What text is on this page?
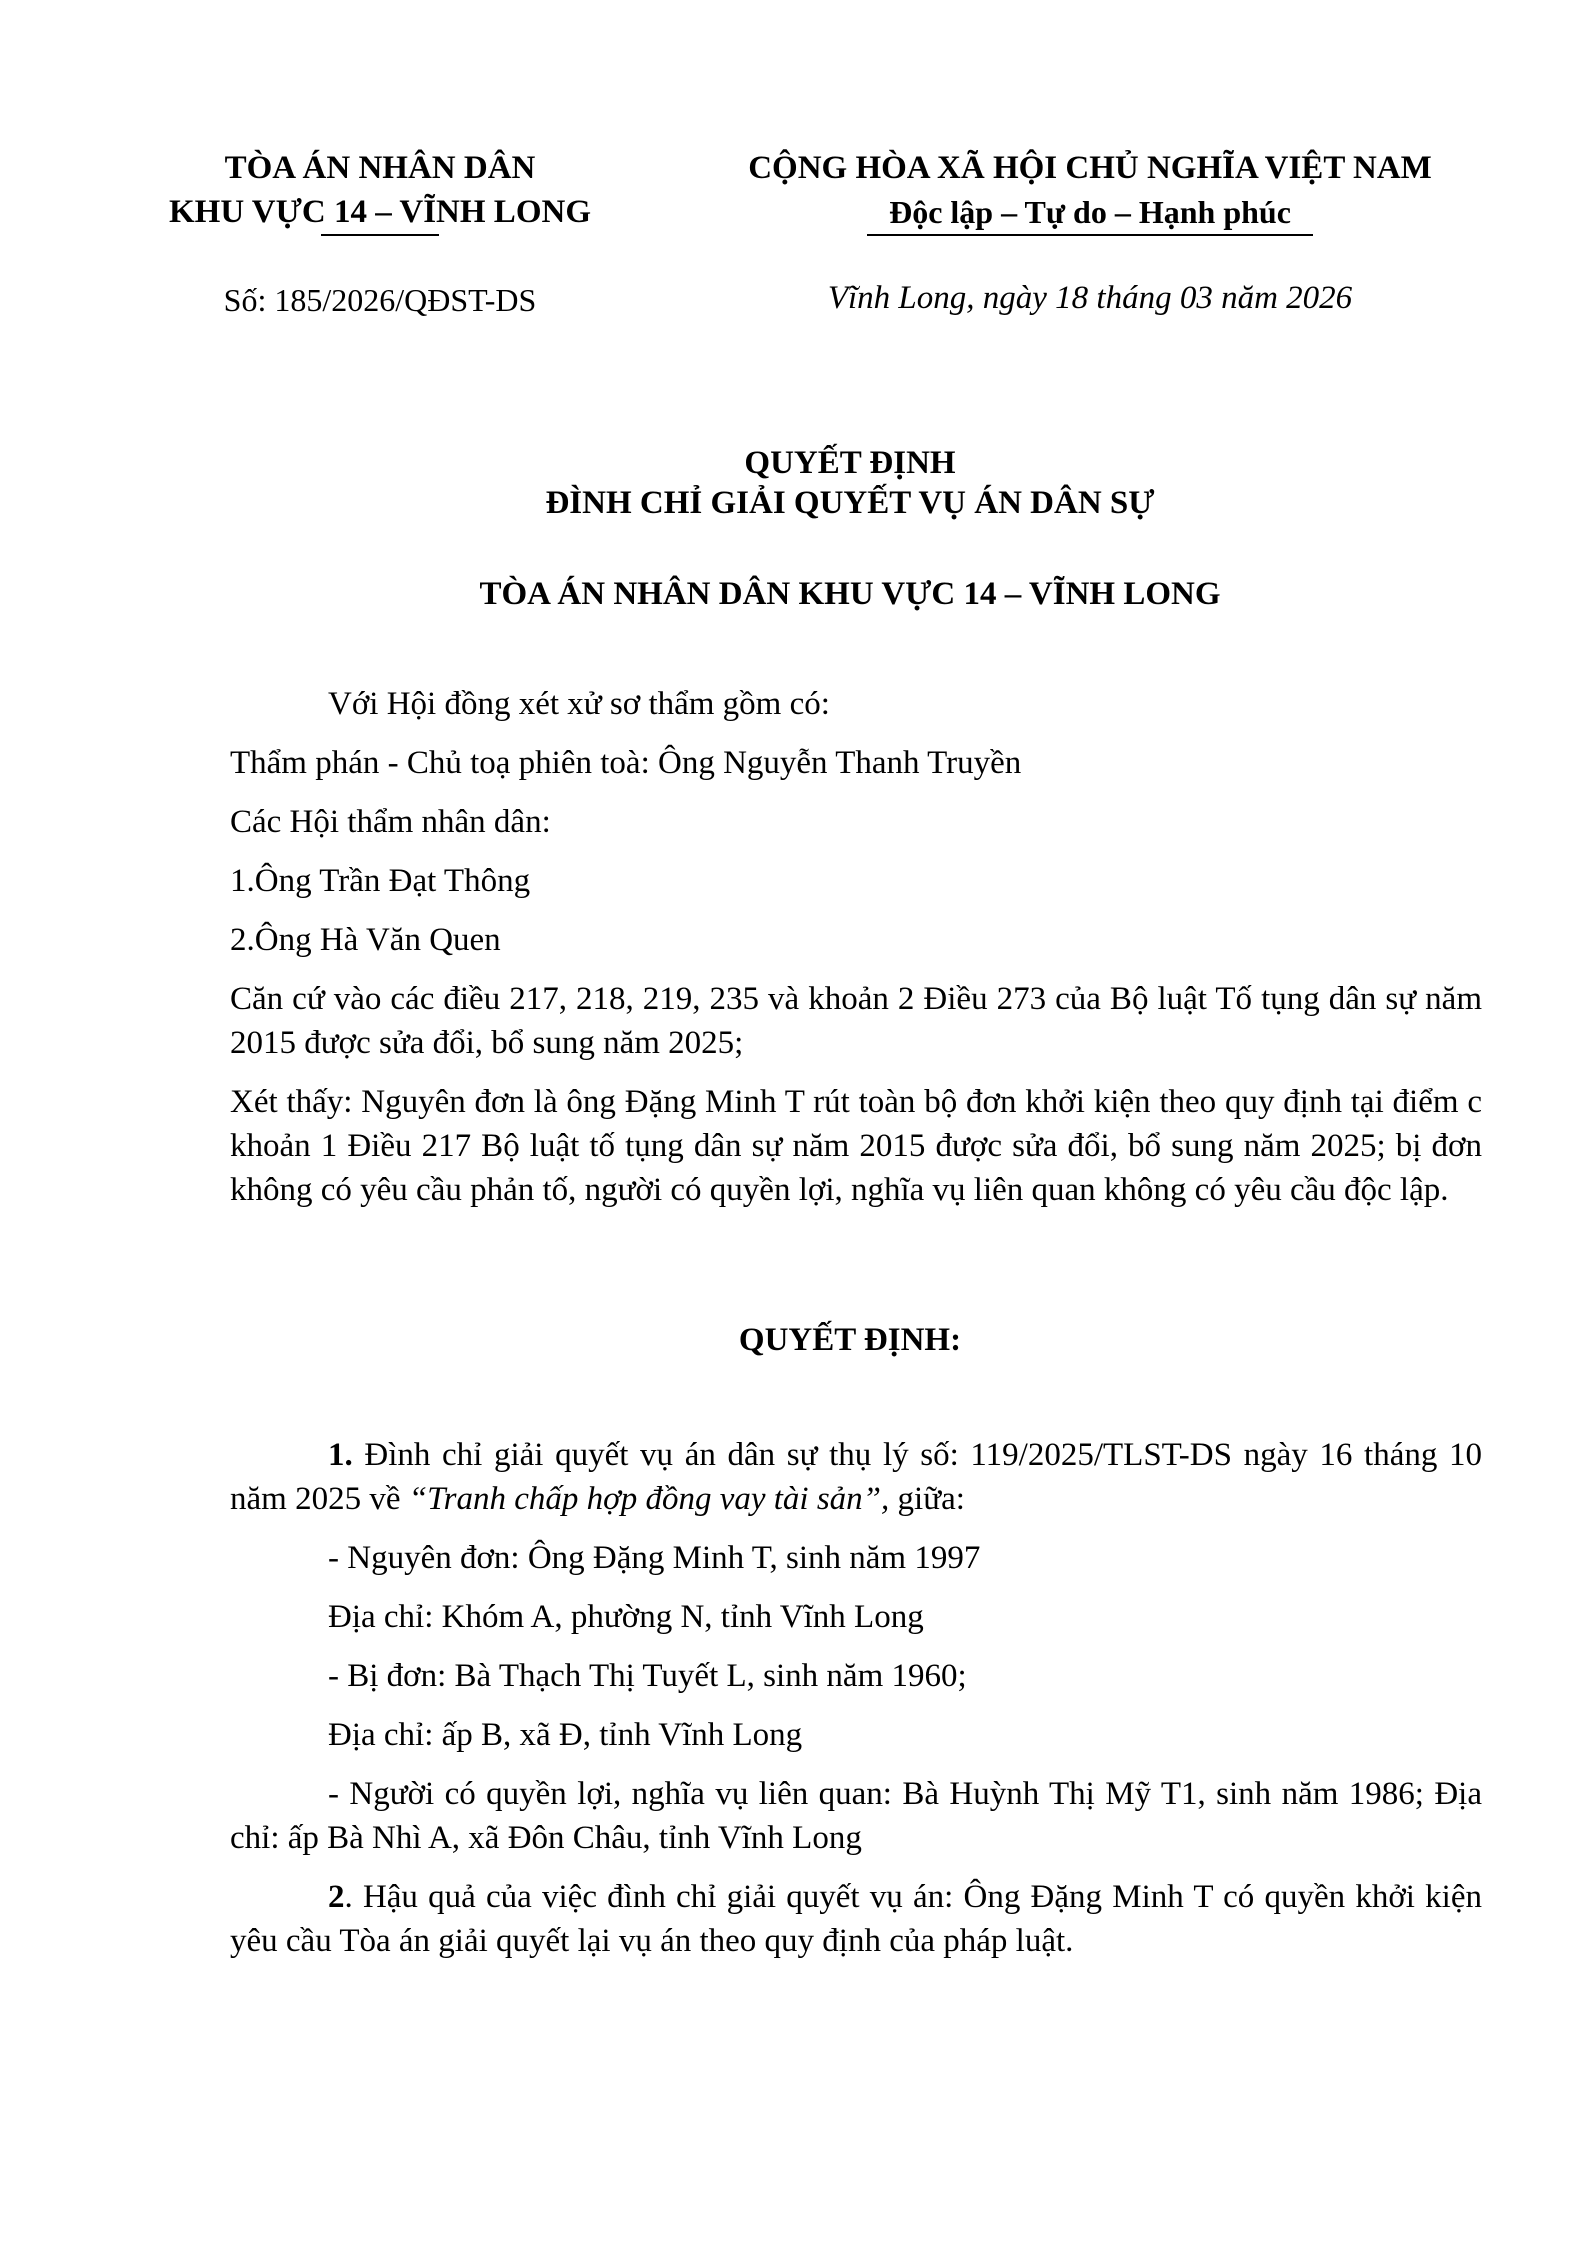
TÒA ÁN NHÂN DÂN
KHU VỰC 14 – VĨNH LONG
CỘNG HÒA XÃ HỘI CHỦ NGHĨA VIỆT NAM
Độc lập – Tự do – Hạnh phúc
Số: 185/2026/QĐST-DS	Vĩnh Long, ngày 18 tháng 03 năm 2026
QUYẾT ĐỊNH
ĐÌNH CHỈ GIẢI QUYẾT VỤ ÁN DÂN SỰ
TÒA ÁN NHÂN DÂN KHU VỰC 14 – VĨNH LONG

Với Hội đồng xét xử sơ thẩm gồm có:

Thẩm phán - Chủ toạ phiên toà: Ông Nguyễn Thanh Truyền

Các Hội thẩm nhân dân:

1.Ông Trần Đạt Thông

2.Ông Hà Văn Quen

Căn cứ vào các điều 217, 218, 219, 235 và khoản 2 Điều 273 của Bộ luật Tố tụng dân sự năm 2015 được sửa đổi, bổ sung năm 2025;

Xét thấy: Nguyên đơn là ông Đặng Minh T rút toàn bộ đơn khởi kiện theo quy định tại điểm c khoản 1 Điều 217 Bộ luật tố tụng dân sự năm 2015 được sửa đổi, bổ sung năm 2025; bị đơn không có yêu cầu phản tố, người có quyền lợi, nghĩa vụ liên quan không có yêu cầu độc lập.

QUYẾT ĐỊNH:

1. Đình chỉ giải quyết vụ án dân sự thụ lý số: 119/2025/TLST-DS ngày 16 tháng 10 năm 2025 về “Tranh chấp hợp đồng vay tài sản”, giữa:

- Nguyên đơn: Ông Đặng Minh T, sinh năm 1997

Địa chỉ: Khóm A, phường N, tỉnh Vĩnh Long

- Bị đơn: Bà Thạch Thị Tuyết L, sinh năm 1960;

Địa chỉ: ấp B, xã Đ, tỉnh Vĩnh Long

- Người có quyền lợi, nghĩa vụ liên quan: Bà Huỳnh Thị Mỹ T1, sinh năm 1986; Địa chỉ: ấp Bà Nhì A, xã Đôn Châu, tỉnh Vĩnh Long

2. Hậu quả của việc đình chỉ giải quyết vụ án: Ông Đặng Minh T có quyền khởi kiện yêu cầu Tòa án giải quyết lại vụ án theo quy định của pháp luật.
